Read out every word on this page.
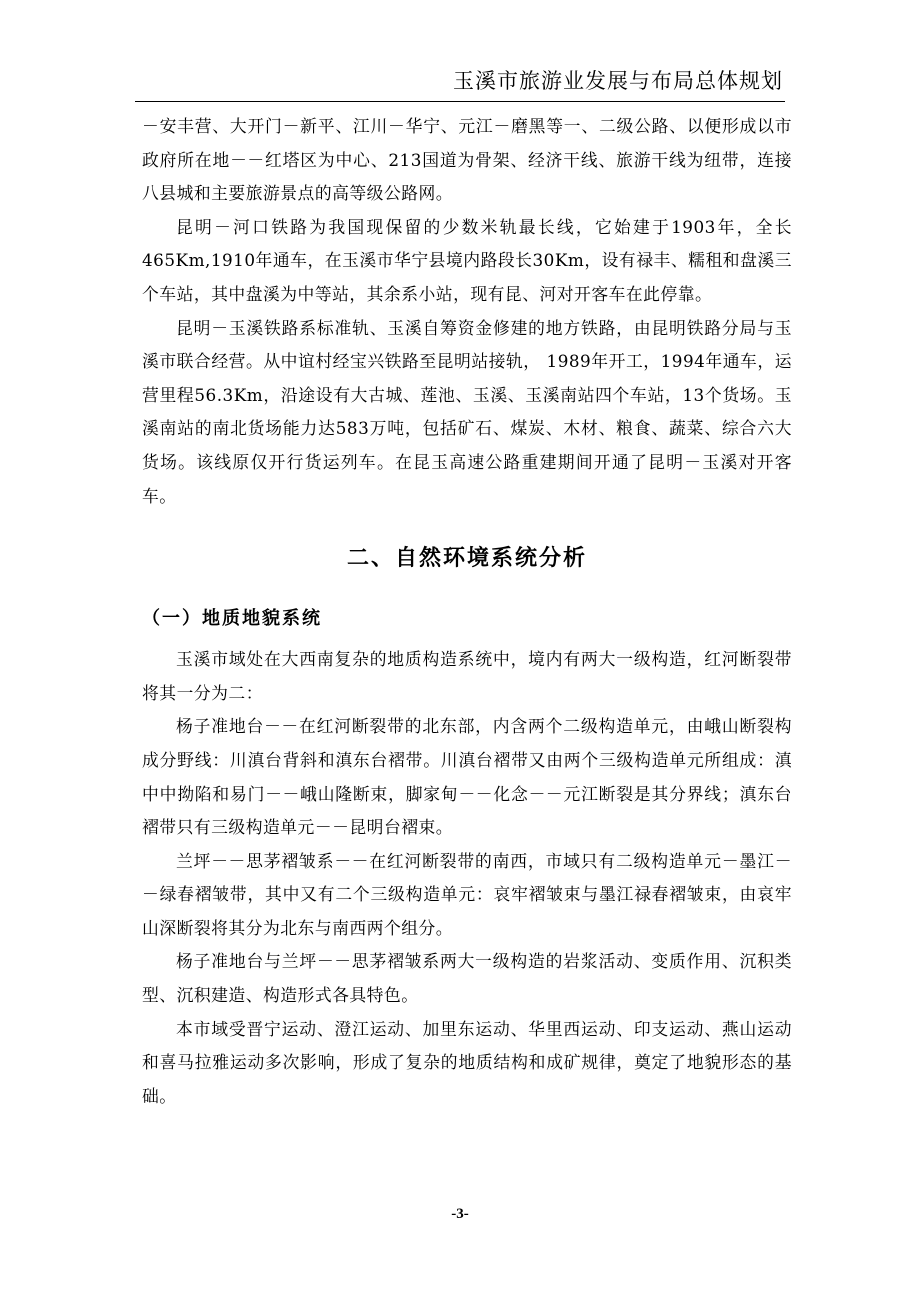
玉溪市旅游业发展与布局总体规划

－安丰营、大开门－新平、江川－华宁、元江－磨黑等一、二级公路、以便形成以市政府所在地－－红塔区为中心、213国道为骨架、经济干线、旅游干线为纽带，连接八县城和主要旅游景点的高等级公路网。

昆明－河口铁路为我国现保留的少数米轨最长线，它始建于1903年，全长465Km,1910年通车，在玉溪市华宁县境内路段长30Km，设有禄丰、糯租和盘溪三个车站，其中盘溪为中等站，其余系小站，现有昆、河对开客车在此停靠。

昆明－玉溪铁路系标准轨、玉溪自筹资金修建的地方铁路，由昆明铁路分局与玉溪市联合经营。从中谊村经宝兴铁路至昆明站接轨， 1989年开工，1994年通车，运营里程56.3Km，沿途设有大古城、莲池、玉溪、玉溪南站四个车站，13个货场。玉溪南站的南北货场能力达583万吨，包括矿石、煤炭、木材、粮食、蔬菜、综合六大货场。该线原仅开行货运列车。在昆玉高速公路重建期间开通了昆明－玉溪对开客车。

二、自然环境系统分析
（一）地质地貌系统

玉溪市域处在大西南复杂的地质构造系统中，境内有两大一级构造，红河断裂带将其一分为二：

杨子准地台－－在红河断裂带的北东部，内含两个二级构造单元，由峨山断裂构成分野线：川滇台背斜和滇东台褶带。川滇台褶带又由两个三级构造单元所组成：滇中中拗陷和易门－－峨山隆断束，脚家甸－－化念－－元江断裂是其分界线；滇东台褶带只有三级构造单元－－昆明台褶束。

兰坪－－思茅褶皱系－－在红河断裂带的南西，市域只有二级构造单元－墨江－－绿春褶皱带，其中又有二个三级构造单元：哀牢褶皱束与墨江禄春褶皱束，由哀牢山深断裂将其分为北东与南西两个组分。

杨子准地台与兰坪－－思茅褶皱系两大一级构造的岩浆活动、变质作用、沉积类型、沉积建造、构造形式各具特色。

本市域受晋宁运动、澄江运动、加里东运动、华里西运动、印支运动、燕山运动和喜马拉雅运动多次影响，形成了复杂的地质结构和成矿规律，奠定了地貌形态的基础。

-3-
